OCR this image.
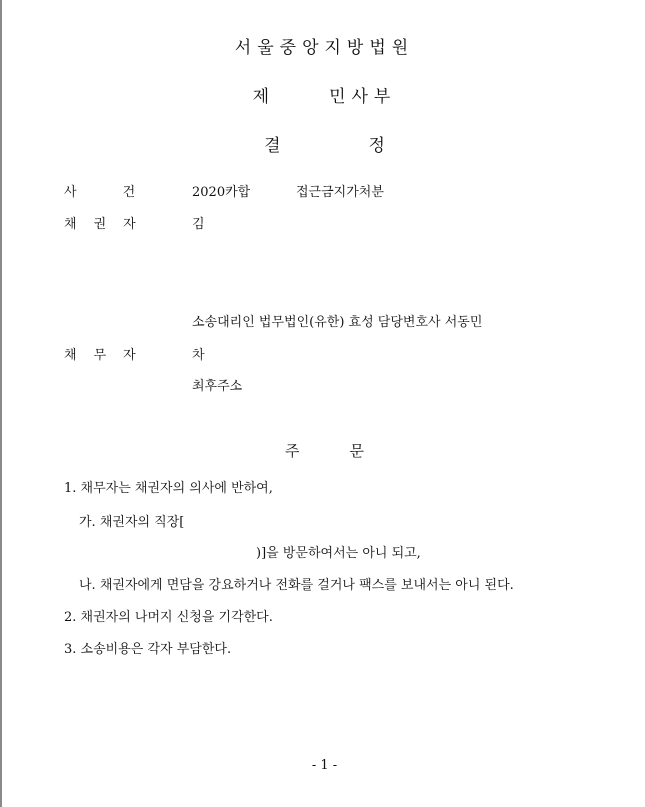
서울중앙지방법원
제	민사부
결	정
사	건	2020카합	접근금지가처분
채 권 자	김
소송대리인 법무법인(유한) 효성 담당변호사 서동민
채 무 자	차
최후주소
주	문
1. 채무자는 채권자의 의사에 반하여,
가. 채권자의 직장[
)]을 방문하여서는 아니 되고,
나. 채권자에게 면담을 강요하거나 전화를 걸거나 팩스를 보내서는 아니 된다.
2. 채권자의 나머지 신청을 기각한다.
3. 소송비용은 각자 부담한다.
- 1 -
